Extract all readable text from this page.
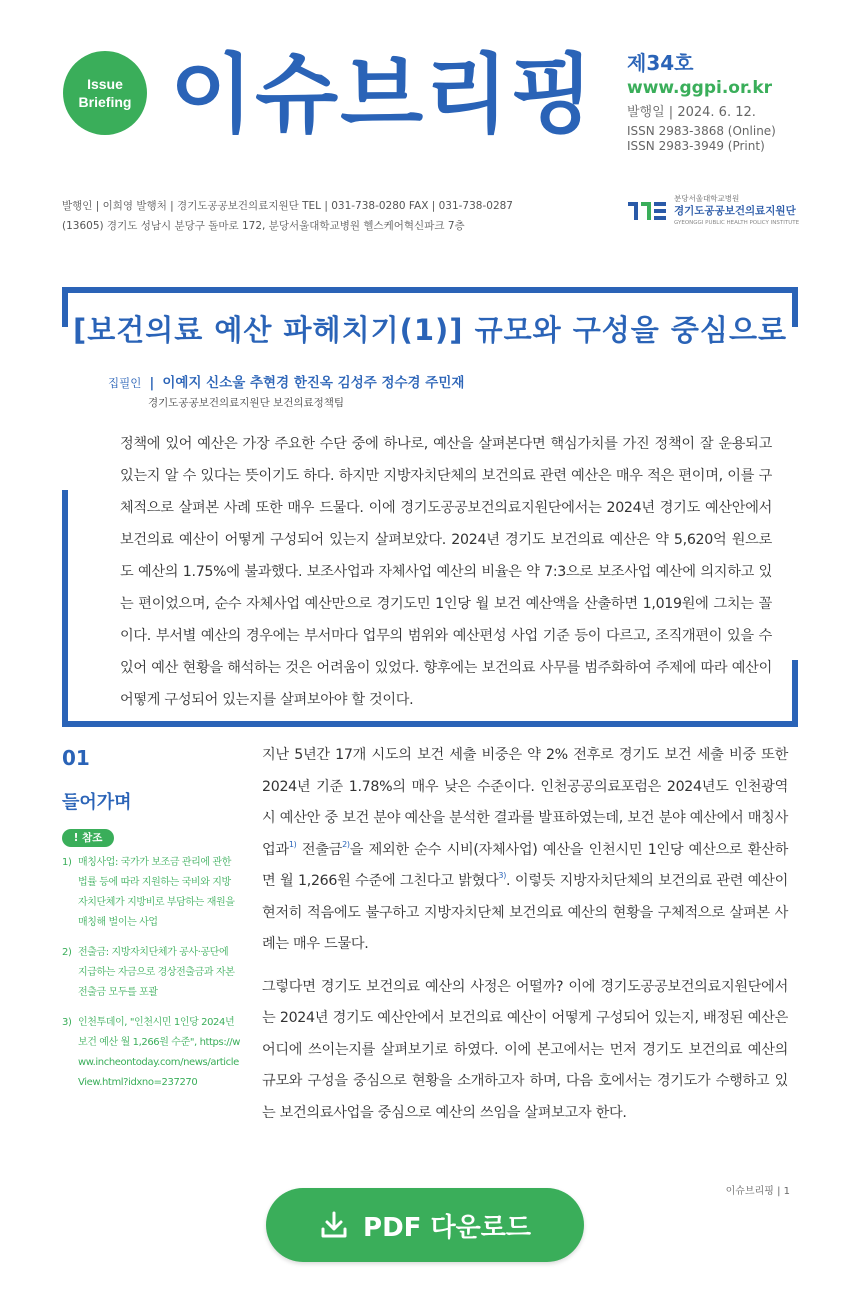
Issue
Briefing 이슈브리핑 제34호
www.ggpi.or.kr
발행일 | 2024. 6. 12.
ISSN 2983-3868 (Online)
ISSN 2983-3949 (Print)
발행인 | 이희영 발행처 | 경기도공공보건의료지원단 TEL | 031-738-0280 FAX | 031-738-0287
(13605) 경기도 성남시 분당구 돌마로 172, 분당서울대학교병원 헬스케어혁신파크 7층
분당서울대학교병원
경기도공공보건의료지원단
GYEONGGI PUBLIC HEALTH POLICY INSTITUTE
[보건의료 예산 파헤치기(1)] 규모와 구성을 중심으로
집필인 | 이예지 신소울 추현경 한진옥 김성주 정수경 주민재
경기도공공보건의료지원단 보건의료정책팀
정책에 있어 예산은 가장 주요한 수단 중에 하나로, 예산을 살펴본다면 핵심가치를 가진 정책이 잘 운용되고 있는지 알 수 있다는 뜻이기도 하다. 하지만 지방자치단체의 보건의료 관련 예산은 매우 적은 편이며, 이를 구체적으로 살펴본 사례 또한 매우 드물다. 이에 경기도공공보건의료지원단에서는 2024년 경기도 예산안에서 보건의료 예산이 어떻게 구성되어 있는지 살펴보았다. 2024년 경기도 보건의료 예산은 약 5,620억 원으로 도 예산의 1.75%에 불과했다. 보조사업과 자체사업 예산의 비율은 약 7:3으로 보조사업 예산에 의지하고 있는 편이었으며, 순수 자체사업 예산만으로 경기도민 1인당 월 보건 예산액을 산출하면 1,019원에 그치는 꼴이다. 부서별 예산의 경우에는 부서마다 업무의 범위와 예산편성 사업 기준 등이 다르고, 조직개편이 있을 수 있어 예산 현황을 해석하는 것은 어려움이 있었다. 향후에는 보건의료 사무를 범주화하여 주제에 따라 예산이 어떻게 구성되어 있는지를 살펴보아야 할 것이다.
01
들어가며
! 참조
1) 매칭사업: 국가가 보조금 관리에 관한 법률 등에 따라 지원하는 국비와 지방자치단체가 지방비로 부담하는 재원을 매칭해 벌이는 사업
2) 전출금: 지방자치단체가 공사·공단에 지급하는 자금으로 경상전출금과 자본 전출금 모두를 포괄
3) 인천투데이, "인천시민 1인당 2024년 보건 예산 월 1,266원 수준", https://www.incheontoday.com/news/articleView.html?idxno=237270

지난 5년간 17개 시도의 보건 세출 비중은 약 2% 전후로 경기도 보건 세출 비중 또한 2024년 기준 1.78%의 매우 낮은 수준이다. 인천공공의료포럼은 2024년도 인천광역시 예산안 중 보건 분야 예산을 분석한 결과를 발표하였는데, 보건 분야 예산에서 매칭사업과$^{1)}$ 전출금$^{2)}$을 제외한 순수 시비(자체사업) 예산을 인천시민 1인당 예산으로 환산하면 월 1,266원 수준에 그친다고 밝혔다$^{3)}$. 이렇듯 지방자치단체의 보건의료 관련 예산이 현저히 적음에도 불구하고 지방자치단체 보건의료 예산의 현황을 구체적으로 살펴본 사례는 매우 드물다.

그렇다면 경기도 보건의료 예산의 사정은 어떨까? 이에 경기도공공보건의료지원단에서는 2024년 경기도 예산안에서 보건의료 예산이 어떻게 구성되어 있는지, 배정된 예산은 어디에 쓰이는지를 살펴보기로 하였다. 이에 본고에서는 먼저 경기도 보건의료 예산의 규모와 구성을 중심으로 현황을 소개하고자 하며, 다음 호에서는 경기도가 수행하고 있는 보건의료사업을 중심으로 예산의 쓰임을 살펴보고자 한다.

이슈브리핑 | 1
PDF 다운로드
